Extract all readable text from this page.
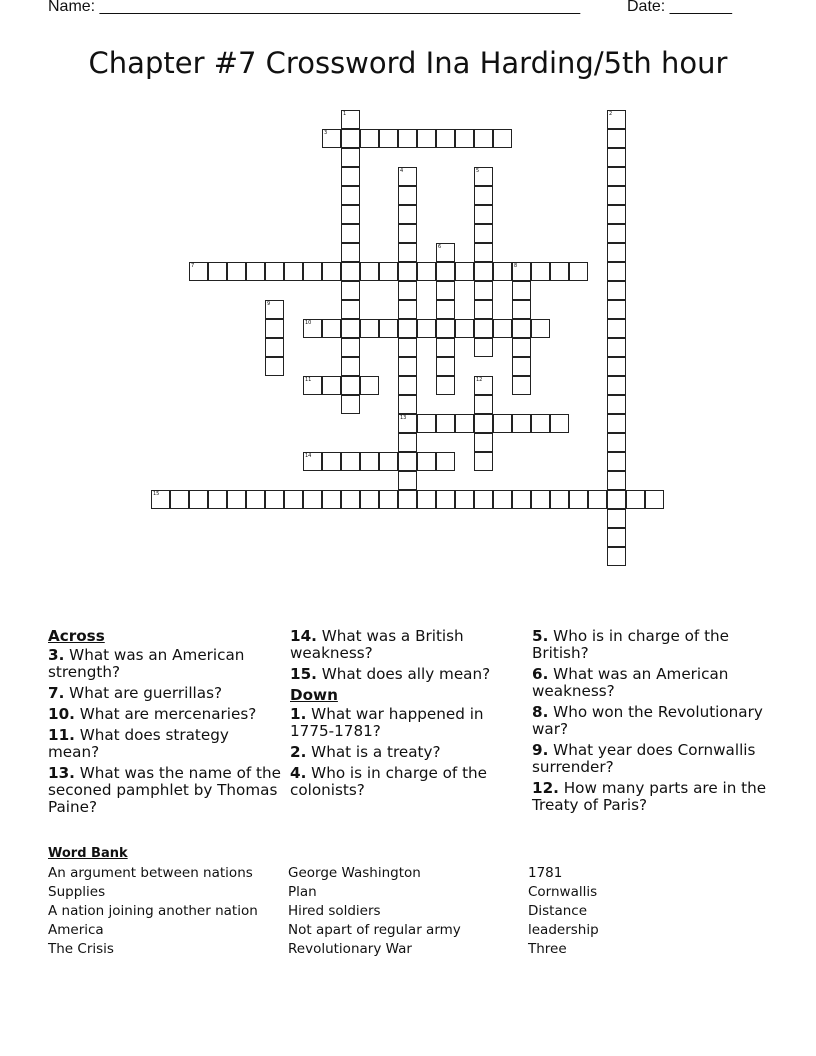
Name: ______________________________________________________	Date: _______
Chapter #7 Crossword Ina Harding/5th hour
1	2
3
4
13
5
6
7	8
9
10
11	12
14
15
Across
3. What was an American strength?
7. What are guerrillas?
10. What are mercenaries?
11. What does strategy mean?
13. What was the name of the seconed pamphlet by Thomas Paine?
14. What was a British weakness?
15. What does ally mean?
Down
1. What war happened in 1775-1781?
2. What is a treaty?
4. Who is in charge of the colonists?
5. Who is in charge of the British?
6. What was an American weakness?
8. Who won the Revolutionary war?
9. What year does Cornwallis surrender?
12. How many parts are in the Treaty of Paris?
Word Bank
An argument between nations
Supplies
A nation joining another nation
America
The Crisis
George Washington
Plan
Hired soldiers
Not apart of regular army
Revolutionary War
1781
Cornwallis
Distance
leadership
Three
